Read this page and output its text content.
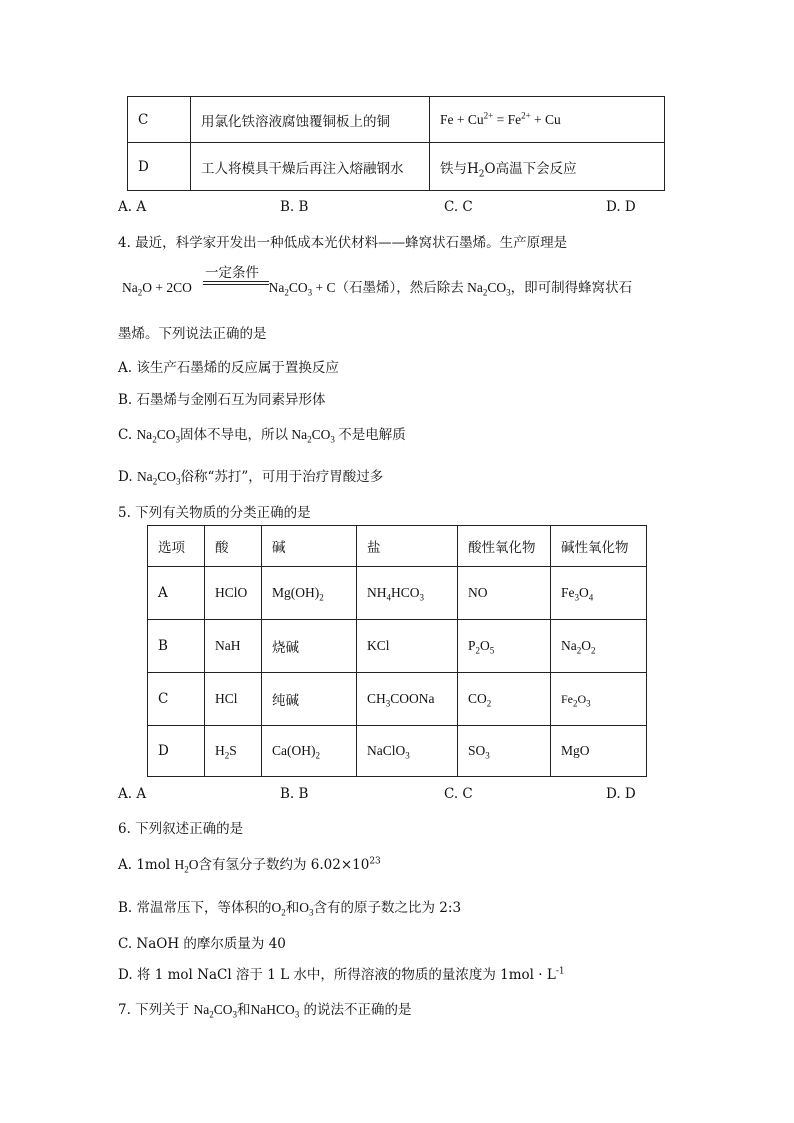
C	用氯化铁溶液腐蚀覆铜板上的铜	$Fe + Cu^{2+} = Fe^{2+} + Cu$
D	工人将模具干燥后再注入熔融钢水	铁与$H_2O$高温下会反应
A. A	B. B	C. C	D. D
4. 最近，科学家开发出一种低成本光伏材料——蜂窝状石墨烯。生产原理是
一定条件
$Na_2O + 2CO$	$Na_2CO_3 + C$（石墨烯），然后除去 $Na_2CO_3$，即可制得蜂窝状石
墨烯。下列说法正确的是
A. 该生产石墨烯的反应属于置换反应
B. 石墨烯与金刚石互为同素异形体
C. $Na_2CO_3$固体不导电，所以 $Na_2CO_3$ 不是电解质
D. $Na_2CO_3$俗称“苏打”，可用于治疗胃酸过多
5. 下列有关物质的分类正确的是
选项	酸	碱	盐	酸性氧化物	碱性氧化物
A	HClO	$Mg(OH)_2$	$NH_4HCO_3$	NO	$Fe_3O_4$
B	NaH	烧碱	KCl	$P_2O_5$	$Na_2O_2$
C	HCl	纯碱	$CH_3COONa$	$CO_2$	$Fe_2O_3$
D	$H_2S$	$Ca(OH)_2$	NaClO$_3$	$SO_3$	MgO
A. A	B. B	C. C	D. D
6. 下列叙述正确的是
A. 1mol $H_2O$含有氢分子数约为 $6.02\times 10^{23}$
B. 常温常压下，等体积的$O_2$和$O_3$含有的原子数之比为 2:3
C. NaOH 的摩尔质量为 40
D. 将 1 mol NaCl 溶于 1 L 水中，所得溶液的物质的量浓度为 $1mol \cdot L^{-1}$
7. 下列关于 $Na_2CO_3$和NaHCO$_3$ 的说法不正确的是
